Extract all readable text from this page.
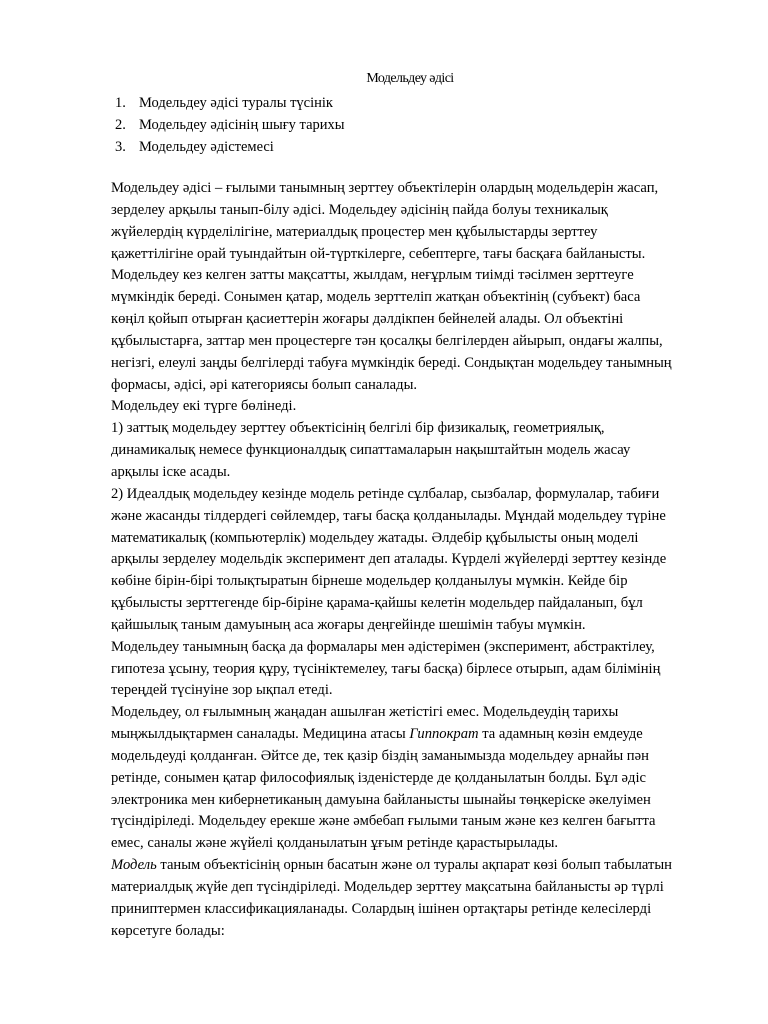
Модельдеу әдісі
1. Модельдеу әдісі туралы түсінік
2. Модельдеу әдісінің шығу тарихы
3. Модельдеу әдістемесі
Модельдеу әдісі – ғылыми танымның зерттеу объектілерін олардың модельдерін жасап,
зерделеу арқылы танып-білу әдісі. Модельдеу әдісінің пайда болуы техникалық
жүйелердің күрделілігіне, материалдық процестер мен құбылыстарды зерттеу
қажеттілігіне орай туындайтын ой-түрткілерге, себептерге, тағы басқаға байланысты.
Модельдеу кез келген затты мақсатты, жылдам, неғұрлым тиімді тәсілмен зерттеуге
мүмкіндік береді. Сонымен қатар, модель зерттеліп жатқан объектінің (субъект) баса
көңіл қойып отырған қасиеттерін жоғары дәлдікпен бейнелей алады. Ол объектіні
құбылыстарға, заттар мен процестерге тән қосалқы белгілерден айырып, ондағы жалпы,
негізгі, елеулі заңды белгілерді табуға мүмкіндік береді. Сондықтан модельдеу танымның
формасы, әдісі, әрі категориясы болып саналады.
Модельдеу екі түрге бөлінеді.
1) заттық модельдеу зерттеу объектісінің белгілі бір физикалық, геометриялық,
динамикалық немесе функционалдық сипаттамаларын нақыштайтын модель жасау
арқылы іске асады.
2) Идеалдық модельдеу кезінде модель ретінде сұлбалар, сызбалар, формулалар, табиғи
және жасанды тілдердегі сөйлемдер, тағы басқа қолданылады. Мұндай модельдеу түріне
математикалық (компьютерлік) модельдеу жатады. Әлдебір құбылысты оның моделі
арқылы зерделеу модельдік эксперимент деп аталады. Күрделі жүйелерді зерттеу кезінде
көбіне бірін-бірі толықтыратын бірнеше модельдер қолданылуы мүмкін. Кейде бір
құбылысты зерттегенде бір-біріне қарама-қайшы келетін модельдер пайдаланып, бұл
қайшылық таным дамуының аса жоғары деңгейінде шешімін табуы мүмкін.
Модельдеу танымның басқа да формалары мен әдістерімен (эксперимент, абстрактілеу,
гипотеза ұсыну, теория құру, түсініктемелеу, тағы басқа) бірлесе отырып, адам білімінің
тереңдей түсінуіне зор ықпал етеді.
Модельдеу, ол ғылымның жаңадан ашылған жетістігі емес. Модельдеудің тарихы
мыңжылдықтармен саналады. Медицина атасы Гиппократ та адамның көзін емдеуде
модельдеуді қолданған. Әйтсе де, тек қазір біздің заманымызда модельдеу арнайы пән
ретінде, сонымен қатар философиялық ізденістерде де қолданылатын болды. Бұл әдіс
электроника мен кибернетиканың дамуына байланысты шынайы төңкеріске әкелуімен
түсіндіріледі. Модельдеу ерекше және әмбебап ғылыми таным және кез келген бағытта
емес, саналы және жүйелі қолданылатын ұғым ретінде қарастырылады.
Модель таным объектісінің орнын басатын және ол туралы ақпарат көзі болып табылатын
материалдық жүйе деп түсіндіріледі. Модельдер зерттеу мақсатына байланысты әр түрлі
приниптермен классификацияланады. Солардың ішінен ортақтары ретінде келесілерді
көрсетуге болады:
